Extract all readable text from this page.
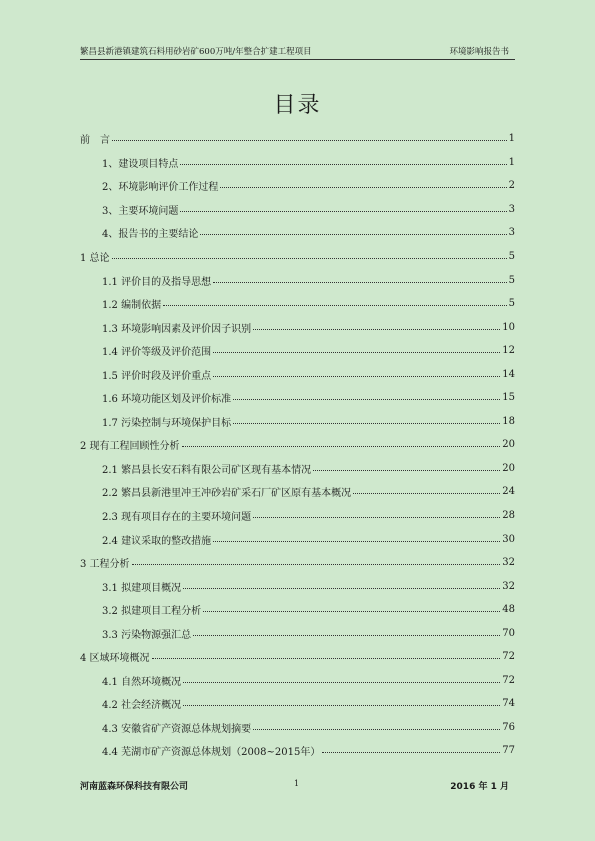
繁昌县新港镇建筑石料用砂岩矿600万吨/年整合扩建工程项目	环境影响报告书
目录
前　言	1
1、建设项目特点	1
2、环境影响评价工作过程	2
3、主要环境问题	3
4、报告书的主要结论	3
1 总论	5
1.1 评价目的及指导思想	5
1.2 编制依据	5
1.3 环境影响因素及评价因子识别	10
1.4 评价等级及评价范围	12
1.5 评价时段及评价重点	14
1.6 环境功能区划及评价标准	15
1.7 污染控制与环境保护目标	18
2 现有工程回顾性分析	20
2.1 繁昌县长安石料有限公司矿区现有基本情况	20
2.2 繁昌县新港里冲王冲砂岩矿采石厂矿区原有基本概况	24
2.3 现有项目存在的主要环境问题	28
2.4 建议采取的整改措施	30
3 工程分析	32
3.1 拟建项目概况	32
3.2 拟建项目工程分析	48
3.3 污染物源强汇总	70
4 区域环境概况	72
4.1 自然环境概况	72
4.2 社会经济概况	74
4.3 安徽省矿产资源总体规划摘要	76
4.4 芜湖市矿产资源总体规划（2008~2015年）	77
河南蓝森环保科技有限公司	1	2016 年 1 月
